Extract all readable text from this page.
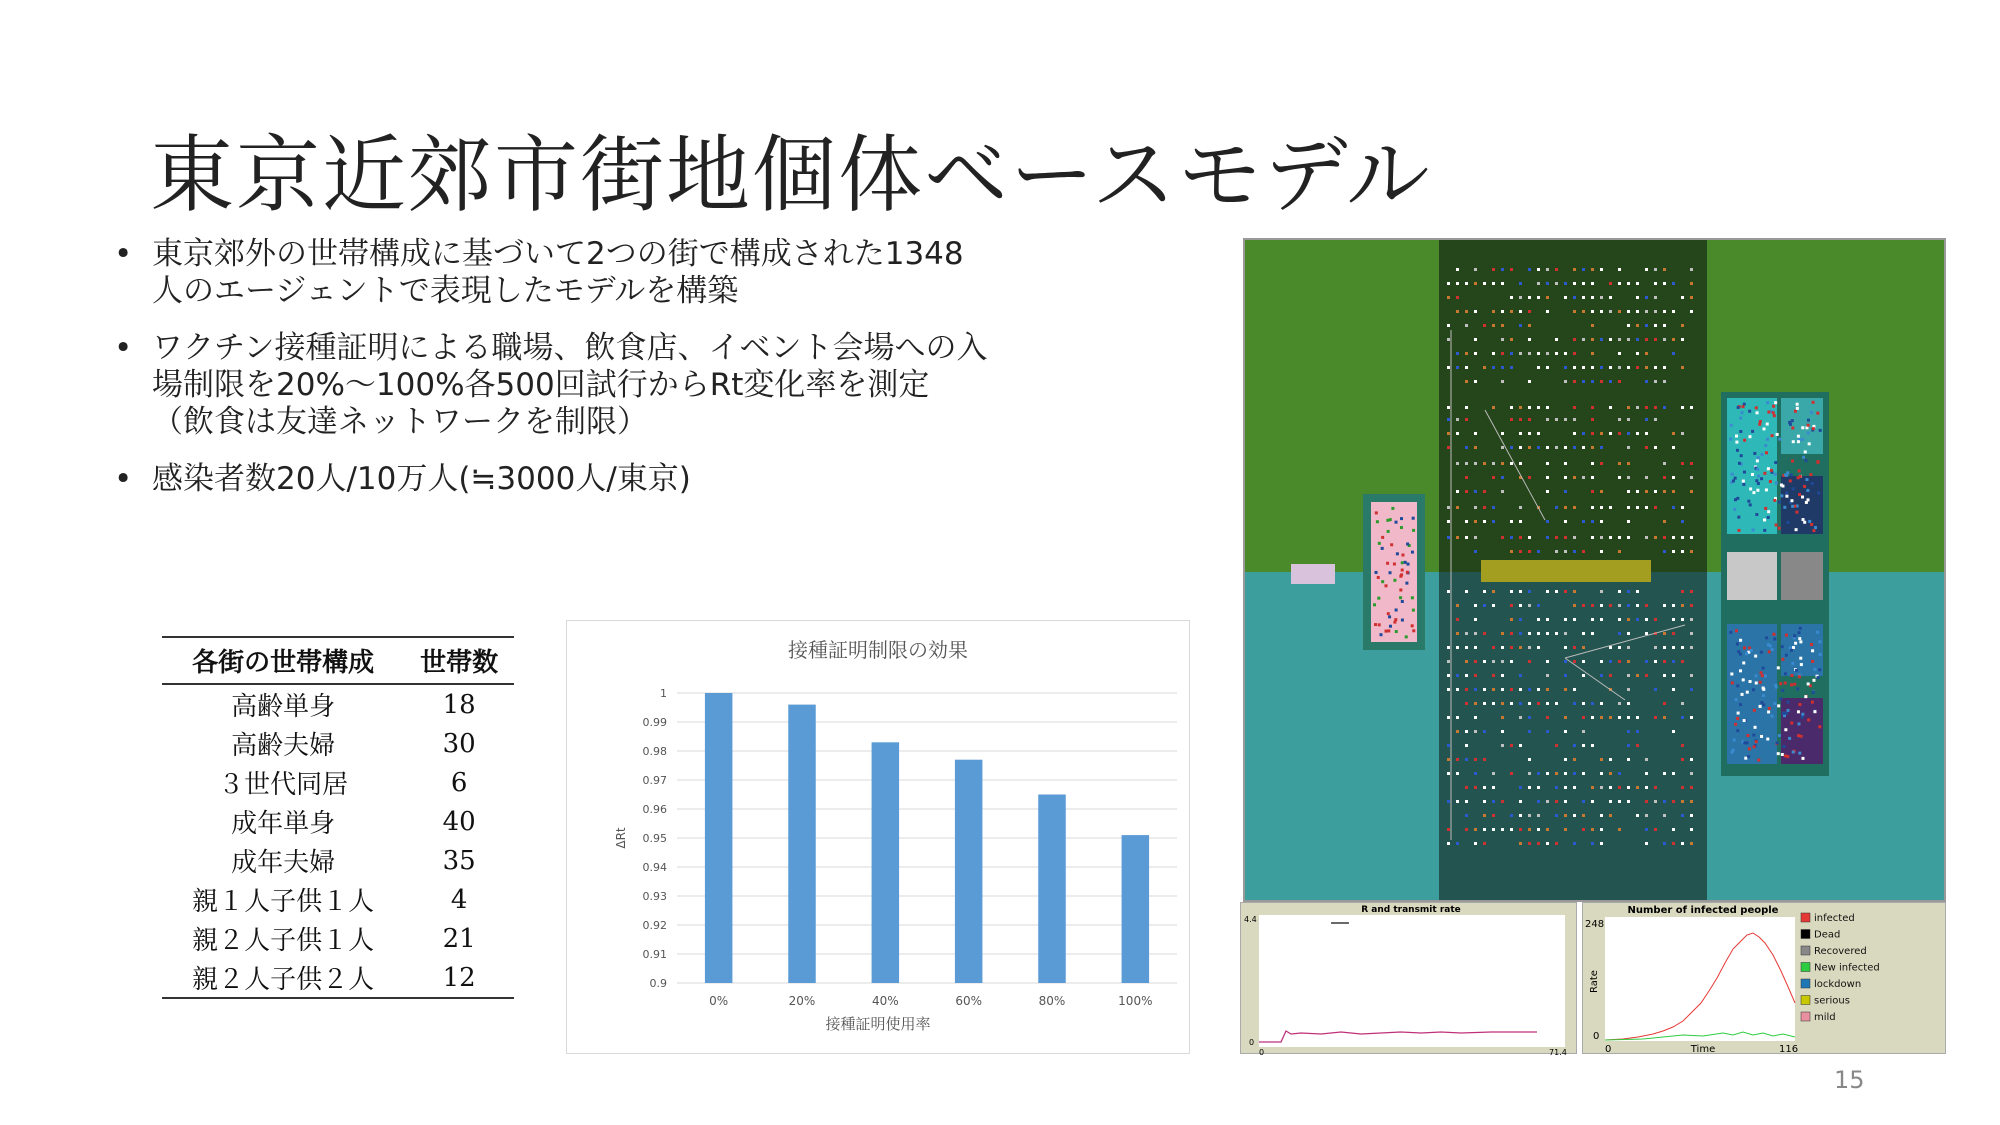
東京近郊市街地個体ベースモデル
• 東京郊外の世帯構成に基づいて2つの街で構成された1348人のエージェントで表現したモデルを構築
• ワクチン接種証明による職場、飲食店、イベント会場への入場制限を20%〜100%各500回試行からRt変化率を測定（飲食は友達ネットワークを制限）
• 感染者数20人/10万人(≒3000人/東京)
各街の世帯構成	世帯数
高齢単身	18
高齢夫婦	30
３世代同居	6
成年単身	40
成年夫婦	35
親１人子供１人	4
親２人子供１人	21
親２人子供２人	12
接種証明制限の効果
1
0.99
0.98
0.97
0.96
0.95
0.94
0.93
0.92
0.91
0.9
0%	20%	40%	60%	80%	100%
接種証明使用率
ΔRt
R and transmit rate
4.4
0
0	71.4
Number of infected people
248
0
0	Time	116
Rate
infected
Dead
Recovered
New infected
lockdown
serious
mild
15
